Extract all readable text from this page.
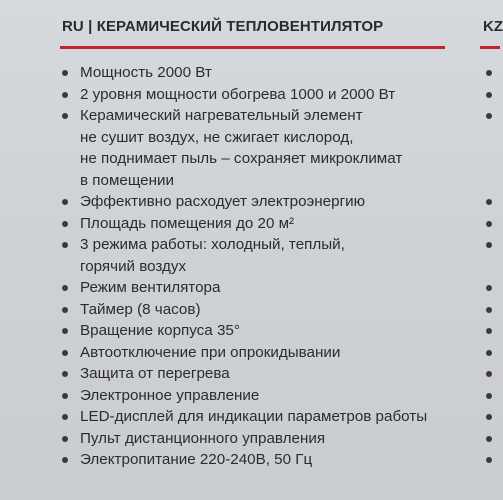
RU | КЕРАМИЧЕСКИЙ ТЕПЛОВЕНТИЛЯТОР	KZ
Мощность 2000 Вт
2 уровня мощности обогрева 1000 и 2000 Вт
Керамический нагревательный элемент
не сушит воздух, не сжигает кислород,
не поднимает пыль – сохраняет микроклимат
в помещении
Эффективно расходует электроэнергию
Площадь помещения до 20 м²
3 режима работы: холодный, теплый,
горячий воздух
Режим вентилятора
Таймер (8 часов)
Вращение корпуса 35°
Автоотключение при опрокидывании
Защита от перегрева
Электронное управление
LED-дисплей для индикации параметров работы
Пульт дистанционного управления
Электропитание 220-240В, 50 Гц
